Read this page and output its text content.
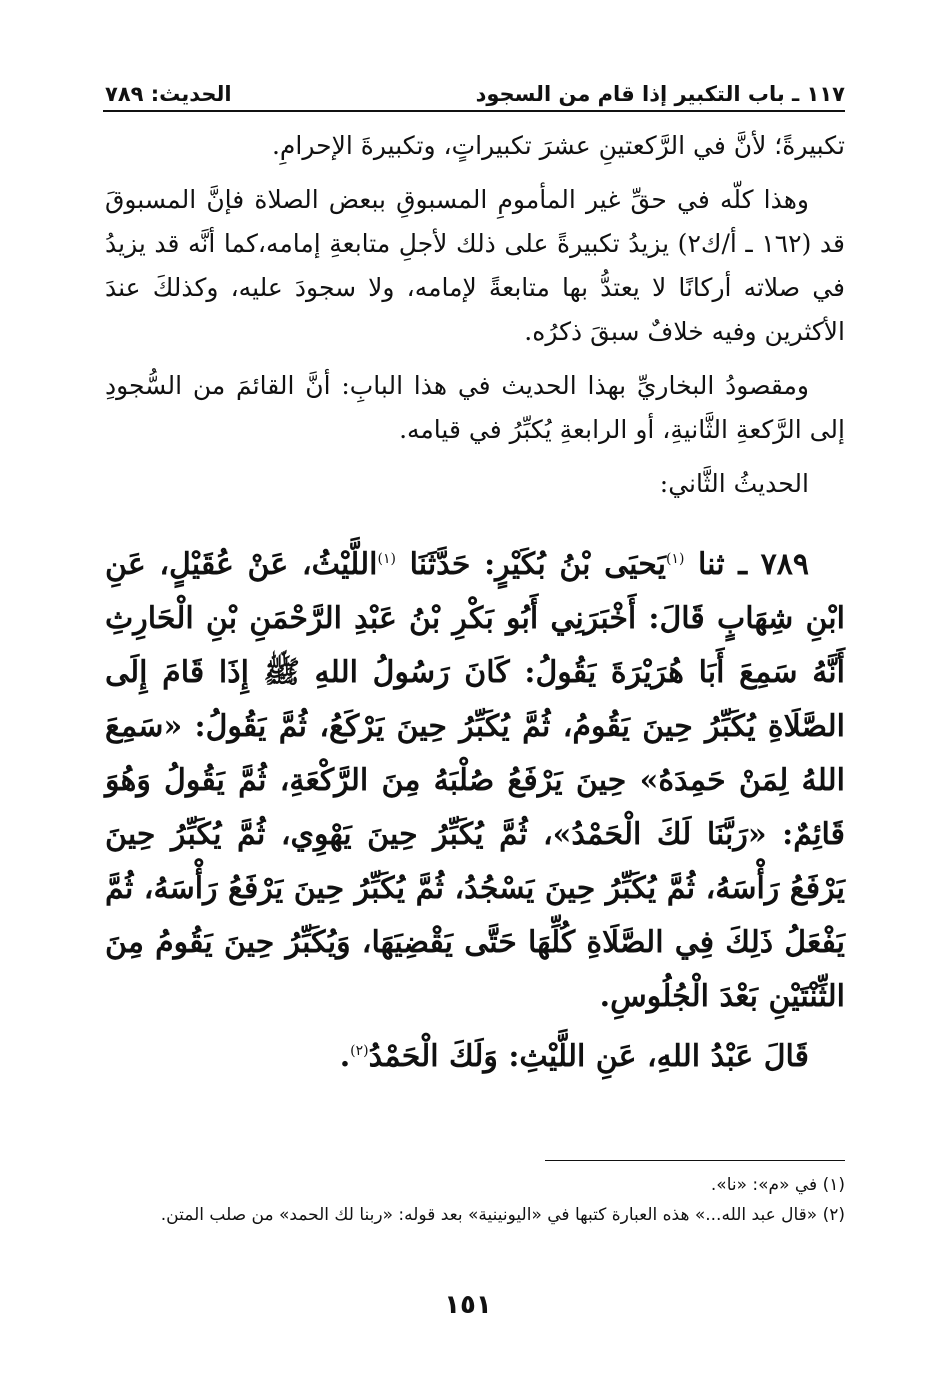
١١٧ ـ باب التكبير إذا قام من السجود
الحديث: ٧٨٩

تكبيرةً؛ لأنَّ في الرَّكعتينِ عشرَ تكبيراتٍ، وتكبيرةَ الإحرامِ.

وهذا كلّه في حقِّ غير المأمومِ المسبوقِ ببعض الصلاة فإنَّ المسبوقَ قد (١٦٢ ـ أ/ك٢) يزيدُ تكبيرةً على ذلك لأجلِ متابعةِ إمامه،كما أنَّه قد يزيدُ في صلاته أركانًا لا يعتدُّ بها متابعةً لإمامه، ولا سجودَ عليه، وكذلكَ عندَ الأكثرين وفيه خلافٌ سبقَ ذكرُه.

ومقصودُ البخاريِّ بهذا الحديث في هذا البابِ: أنَّ القائمَ من السُّجودِ إلى الرَّكعةِ الثَّانيةِ، أو الرابعةِ يُكبِّرُ في قيامه.

الحديثُ الثَّاني:

٧٨٩ ـ ثنا $^{(١)}$يَحيَى بْنُ بُكَيْرٍ: حَدَّثَنَا $^{(١)}$اللَّيْثُ، عَنْ عُقَيْلٍ، عَنِ ابْنِ شِهَابٍ قَالَ: أَخْبَرَنِي أَبُو بَكْرِ بْنُ عَبْدِ الرَّحْمَنِ بْنِ الْحَارِثِ أَنَّهُ سَمِعَ أَبَا هُرَيْرَةَ يَقُولُ: كَانَ رَسُولُ اللهِ ﷺ إِذَا قَامَ إِلَى الصَّلَاةِ يُكَبِّرُ حِينَ يَقُومُ، ثُمَّ يُكَبِّرُ حِينَ يَرْكَعُ، ثُمَّ يَقُولُ: «سَمِعَ اللهُ لِمَنْ حَمِدَهُ» حِينَ يَرْفَعُ صُلْبَهُ مِنَ الرَّكْعَةِ، ثُمَّ يَقُولُ وَهُوَ قَائِمٌ: «رَبَّنَا لَكَ الْحَمْدُ»، ثُمَّ يُكَبِّرُ حِينَ يَهْوِي، ثُمَّ يُكَبِّرُ حِينَ يَرْفَعُ رَأْسَهُ، ثُمَّ يُكَبِّرُ حِينَ يَسْجُدُ، ثُمَّ يُكَبِّرُ حِينَ يَرْفَعُ رَأْسَهُ، ثُمَّ يَفْعَلُ ذَلِكَ فِي الصَّلَاةِ كُلِّهَا حَتَّى يَقْضِيَهَا، وَيُكَبِّرُ حِينَ يَقُومُ مِنَ الثِّنْتَيْنِ بَعْدَ الْجُلُوسِ.

قَالَ عَبْدُ اللهِ، عَنِ اللَّيْثِ: وَلَكَ الْحَمْدُ$^{(٢)}$.

(١) في «م»: «نا».

(٢) «قال عبد الله...» هذه العبارة كتبها في «اليونينية» بعد قوله: «ربنا لك الحمد» من صلب المتن.

١٥١
